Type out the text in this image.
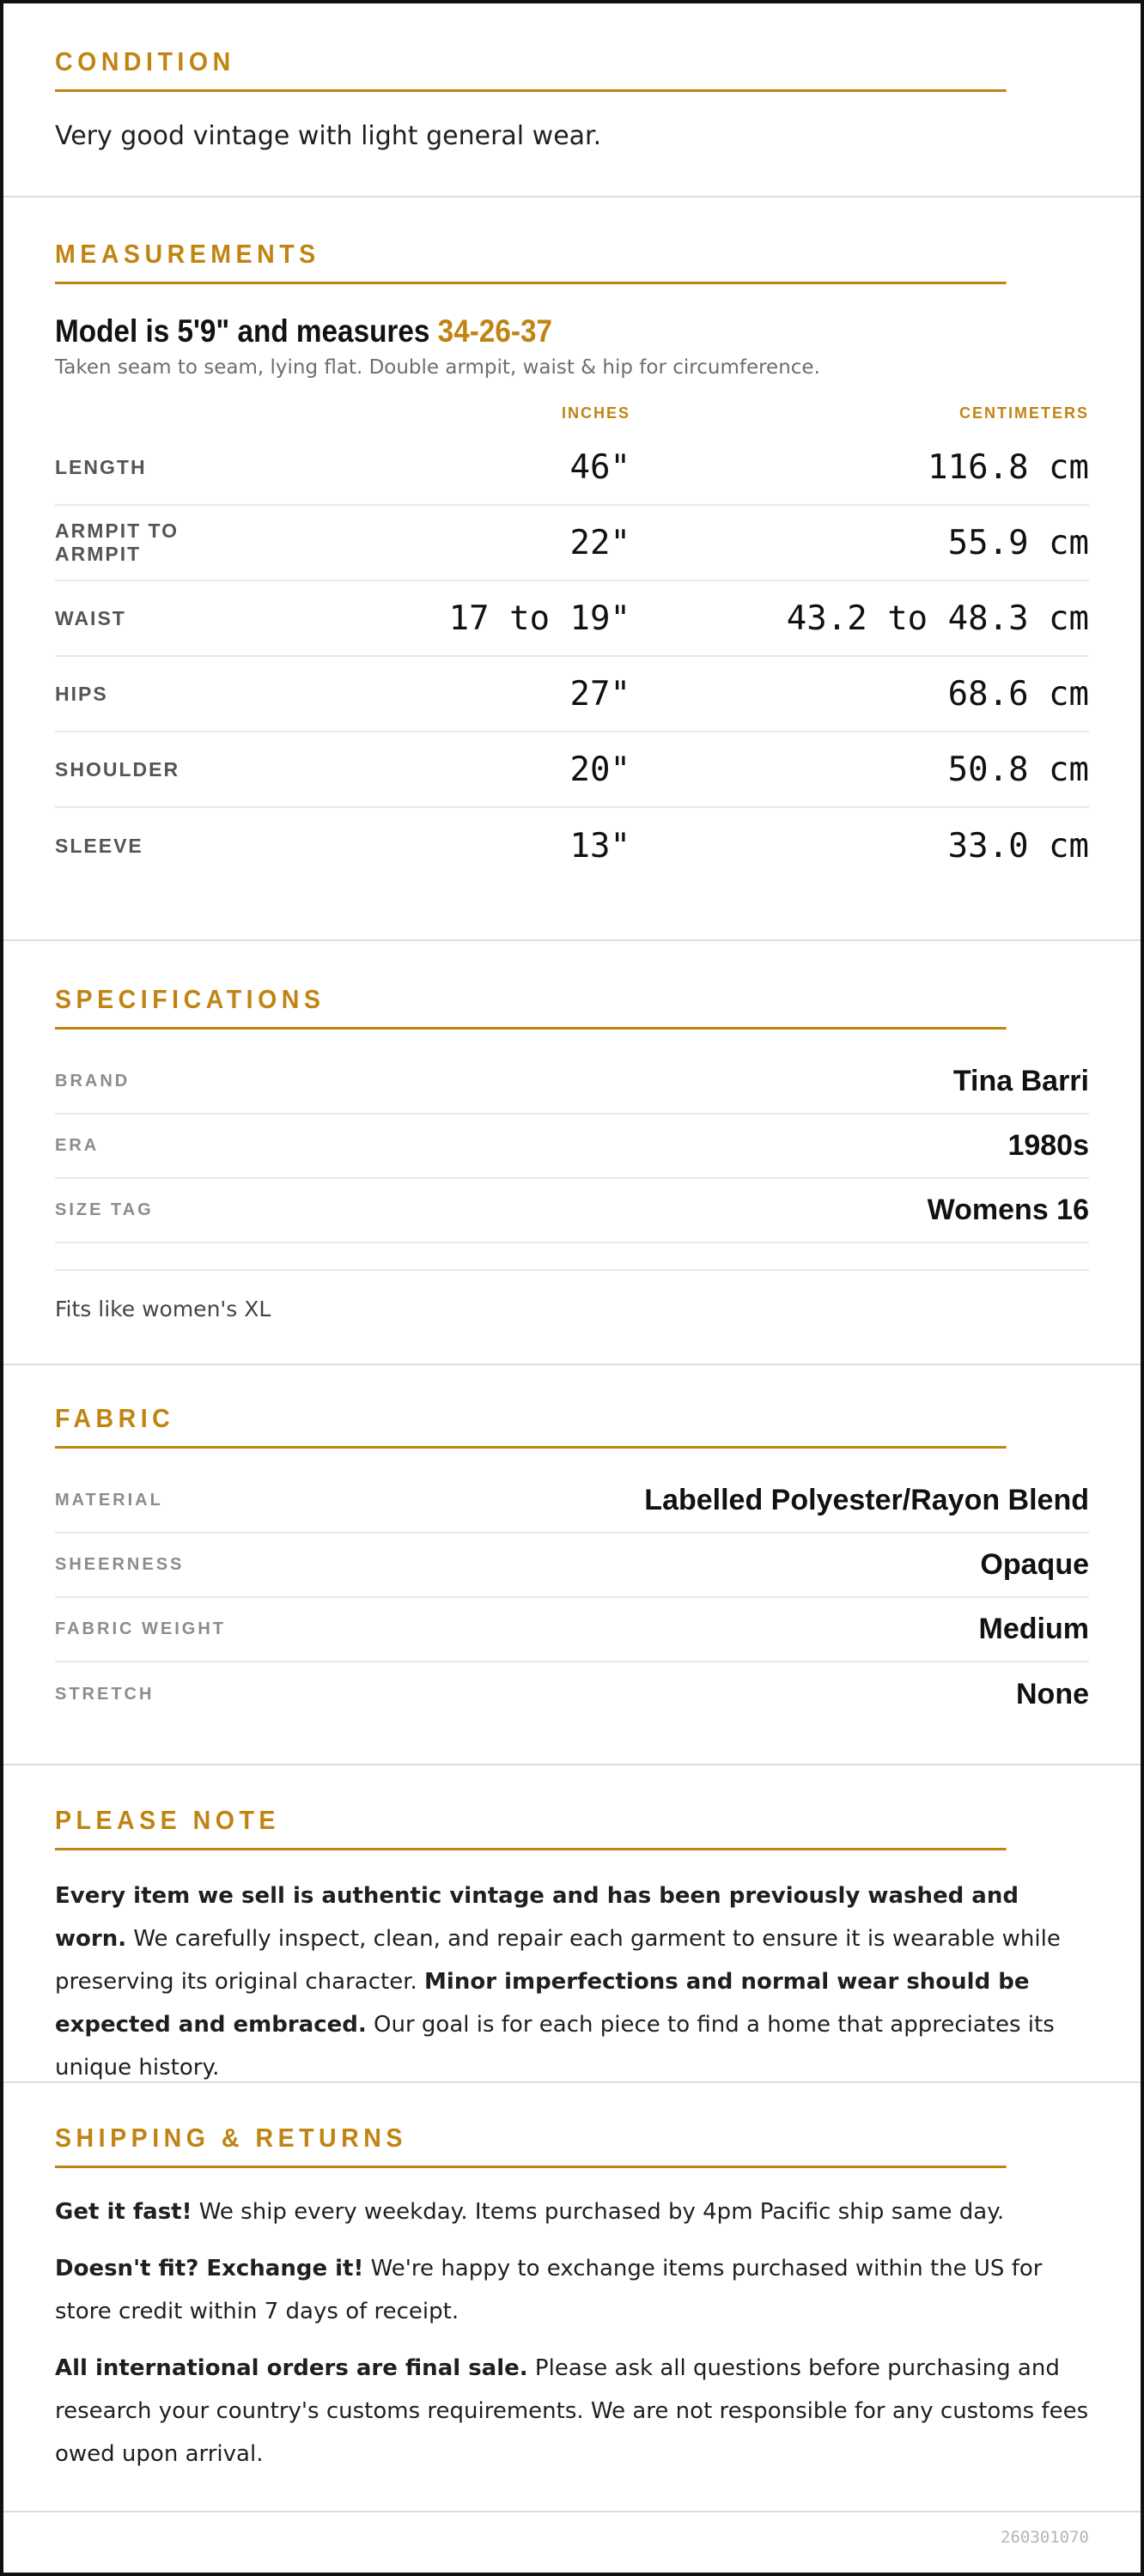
CONDITION
Very good vintage with light general wear.
MEASUREMENTS
Model is 5'9" and measures 34-26-37
Taken seam to seam, lying flat. Double armpit, waist & hip for circumference.
INCHES	CENTIMETERS
LENGTH	46"	116.8 cm
ARMPIT TO ARMPIT	22"	55.9 cm
WAIST	17 to 19"	43.2 to 48.3 cm
HIPS	27"	68.6 cm
SHOULDER	20"	50.8 cm
SLEEVE	13"	33.0 cm
SPECIFICATIONS
BRAND	Tina Barri
ERA	1980s
SIZE TAG	Womens 16
Fits like women's XL
FABRIC
MATERIAL	Labelled Polyester/Rayon Blend
SHEERNESS	Opaque
FABRIC WEIGHT	Medium
STRETCH	None
PLEASE NOTE
Every item we sell is authentic vintage and has been previously washed and worn. We carefully inspect, clean, and repair each garment to ensure it is wearable while preserving its original character. Minor imperfections and normal wear should be expected and embraced. Our goal is for each piece to find a home that appreciates its unique history.
SHIPPING & RETURNS

Get it fast! We ship every weekday. Items purchased by 4pm Pacific ship same day.

Doesn't fit? Exchange it! We're happy to exchange items purchased within the US for store credit within 7 days of receipt.

All international orders are final sale. Please ask all questions before purchasing and research your country's customs requirements. We are not responsible for any customs fees owed upon arrival.

260301070
